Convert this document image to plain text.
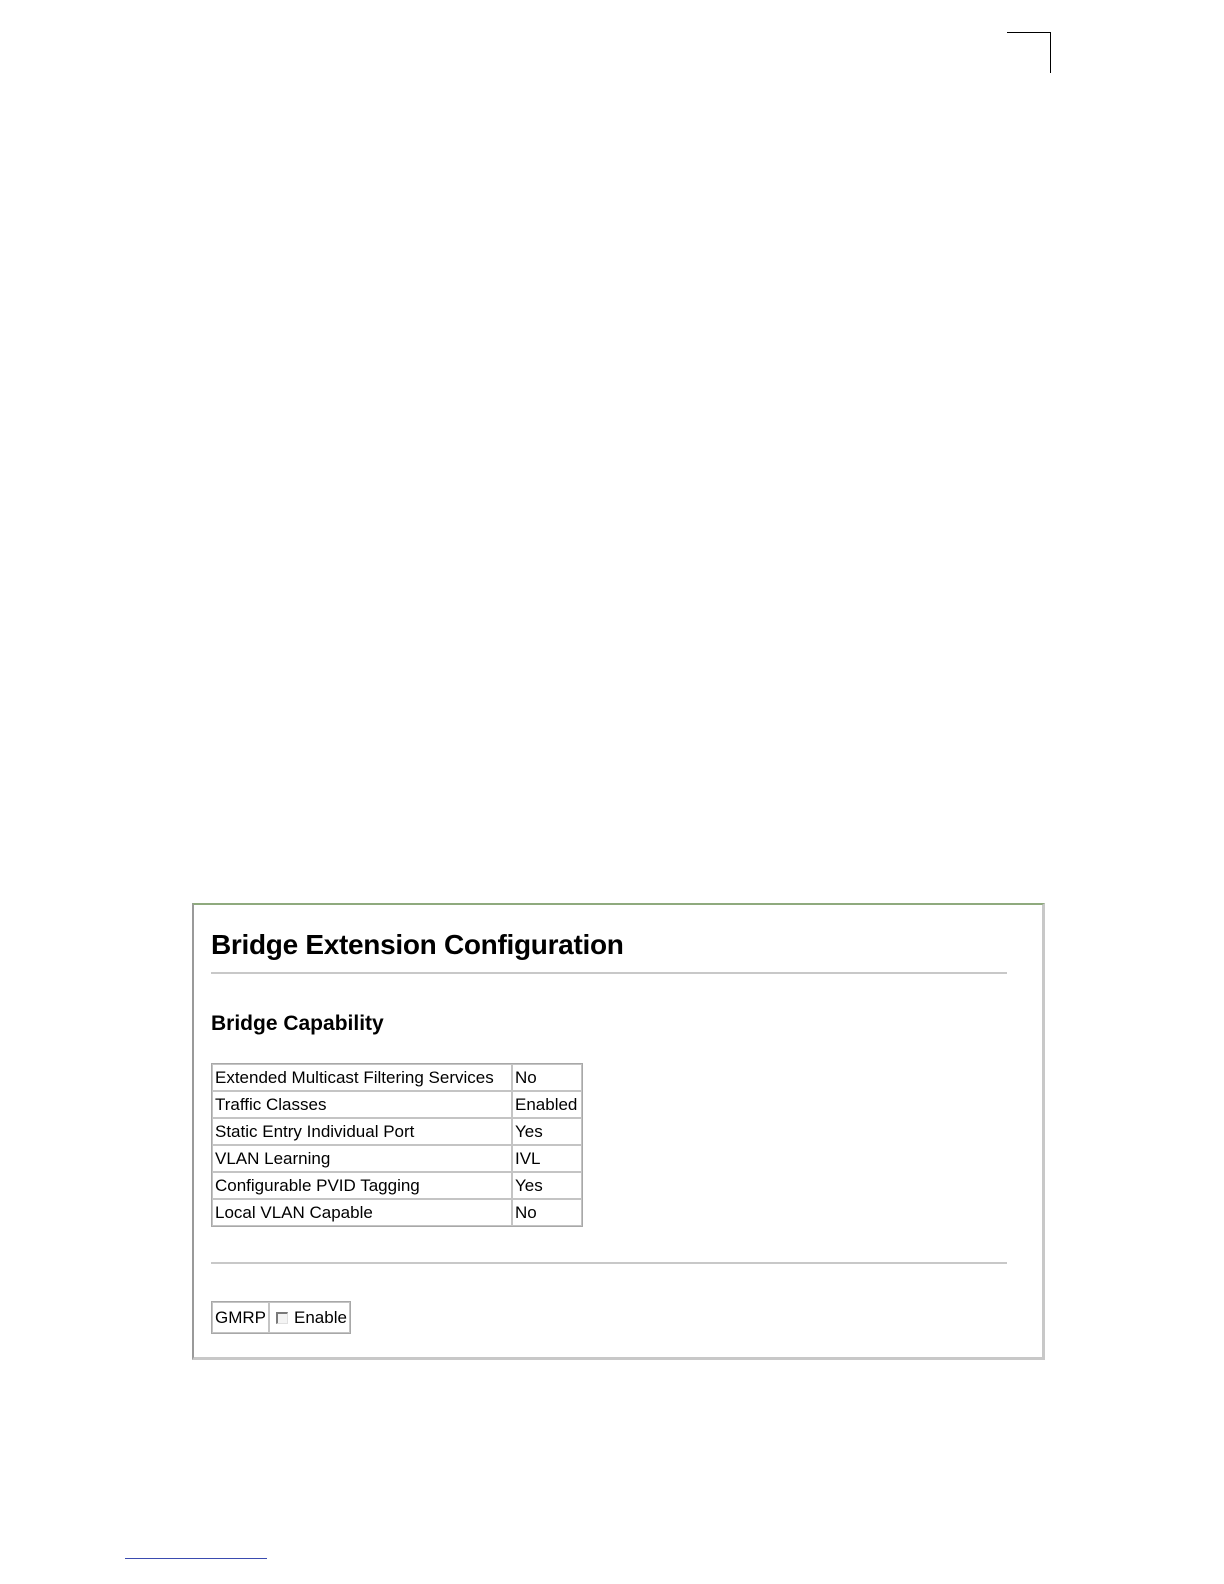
Bridge Extension Configuration
Bridge Capability
Extended Multicast Filtering Services	No
Traffic Classes	Enabled
Static Entry Individual Port	Yes
VLAN Learning	IVL
Configurable PVID Tagging	Yes
Local VLAN Capable	No
GMRP	Enable
